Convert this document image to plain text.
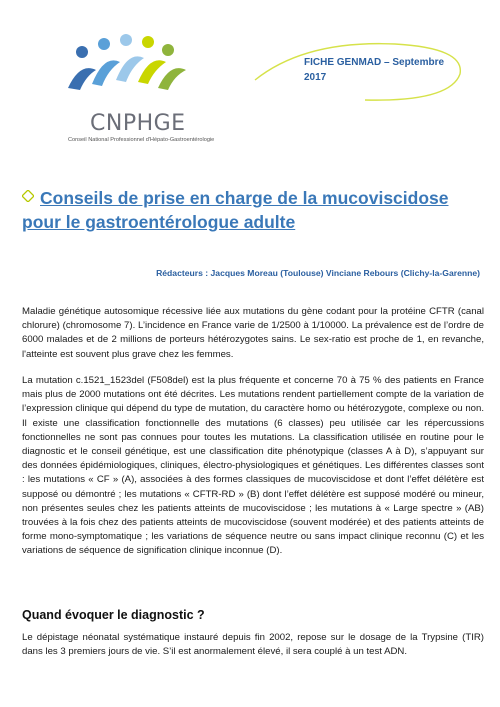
CNPHGE
Conseil National Professionnel d'Hépato-Gastroentérologie
FICHE GENMAD – Septembre 2017
Conseils de prise en charge de la mucoviscidose
pour le gastroentérologue adulte
Rédacteurs : Jacques Moreau (Toulouse) Vinciane Rebours (Clichy-la-Garenne)

Maladie génétique autosomique récessive liée aux mutations du gène codant pour la protéine CFTR (canal chlorure) (chromosome 7). L’incidence en France varie de 1/2500 à 1/10000. La prévalence est de l’ordre de 6000 malades et de 2 millions de porteurs hétérozygotes sains. Le sex-ratio est proche de 1, en revanche, l'atteinte est souvent plus grave chez les femmes.

La mutation c.1521_1523del (F508del) est la plus fréquente et concerne 70 à 75 % des patients en France mais plus de 2000 mutations ont été décrites. Les mutations rendent partiellement compte de la variation de l’expression clinique qui dépend du type de mutation, du caractère homo ou hétérozygote, complexe ou non. Il existe une classification fonctionnelle des mutations (6 classes) peu utilisée car les répercussions fonctionnelles ne sont pas connues pour toutes les mutations. La classification utilisée en routine pour le diagnostic et le conseil génétique, est une classification dite phénotypique (classes A à D), s’appuyant sur des données épidémiologiques, cliniques, électro-physiologiques et génétiques. Les différentes classes sont : les mutations « CF » (A), associées à des formes classiques de mucoviscidose et dont l’effet délétère est supposé ou démontré ; les mutations « CFTR-RD » (B) dont l’effet délétère est supposé modéré ou mineur, non présentes seules chez les patients atteints de mucoviscidose ; les mutations à « Large spectre » (AB) trouvées à la fois chez des patients atteints de mucoviscidose (souvent modérée) et des patients atteints de forme mono-symptomatique ; les variations de séquence neutre ou sans impact clinique reconnu (C) et les variations de séquence de signification clinique inconnue (D).

Quand évoquer le diagnostic ?

Le dépistage néonatal systématique instauré depuis fin 2002, repose sur le dosage de la Trypsine (TIR) dans les 3 premiers jours de vie. S’il est anormalement élevé, il sera couplé à un test ADN.
